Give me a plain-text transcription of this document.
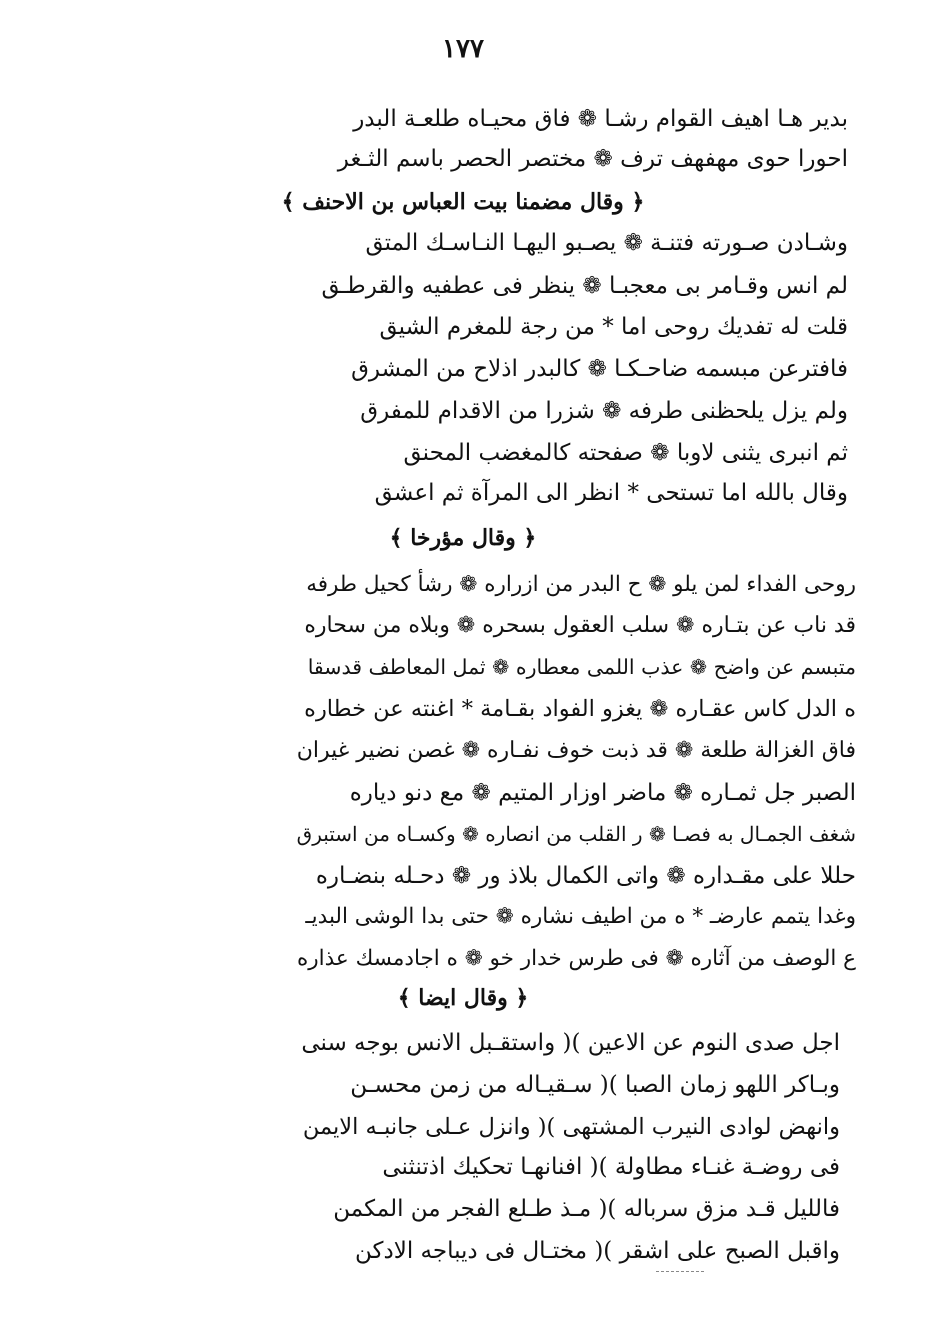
١٧٧
بدير هـا اهيف القوام رشـا ❁ فاق محيـاه طلعـة البدر
احورا حوى مهفهف ترف ❁ مختصر الحصر باسم الثـغر
﴿ وقال مضمنا بيت العباس بن الاحنف ﴾
وشـادن صـورته فتنـة ❁ يصـبو اليهـا النـاسـك المتق
لم انس وقـامر بى معجبـا ❁ ينظر فى عطفيه والقرطـق
قلت له تفديك روحى اما * من رجة للمغرم الشيق
فافترعن مبسمه ضاحـكـا ❁ كالبدر اذلاح من المشرق
ولم يزل يلحظنى طرفه ❁ شزرا من الاقدام للمفرق
ثم انبرى يثنى لاوبا ❁ صفحته كالمغضب المحنق
وقال بالله اما تستحى * انظر الى المرآة ثم اعشق
﴿ وقال مؤرخا ﴾
روحى الفداء لمن يلو ❁ ح البدر من ازراره ❁ رشأ كحيل طرفه
قد ناب عن بتـاره ❁ سلب العقول بسحره ❁ وبلاه من سحاره
متبسم عن واضح ❁ عذب اللمى معطاره ❁ ثمل المعاطف قدسقا
ه الدل كاس عقـاره ❁ يغزو الفواد بقـامة * اغنته عن خطاره
فاق الغزالة طلعة ❁ قد ذبت خوف نفـاره ❁ غصن نضير غيران
الصبر جل ثمـاره ❁ ماضر اوزار المتيم ❁ مع دنو دياره
شغف الجمـال به فصـا ❁ ر القلب من انصاره ❁ وكسـاه من استبرق
حللا على مقـداره ❁ واتى الكمال بلاذ ور ❁ دحـله بنضـاره
وغدا يتمم عارضـ * ه من اطيف نشاره ❁ حتى بدا الوشى البديـ
ع الوصف من آثاره ❁ فى طرس خدار خو ❁ ه اجادمسك عذاره
﴿ وقال ايضا ﴾
اجل صدى النوم عن الاعين )( واستقـبل الانس بوجه سنى
وبـاكر اللهو زمان الصبا )( سـقيـاله من زمن محسـن
وانهض لوادى النيرب المشتهى )( وانزل عـلى جانبـه الايمن
فى روضـة غنـاء مطاولة )( افنانهـا تحكيك اذتنثنى
فالليل قـد مزق سرباله )( مـذ طـلع الفجر من المكمن
واقبل الصبح على اشقر )( مختـال فى ديباجه الادكن
